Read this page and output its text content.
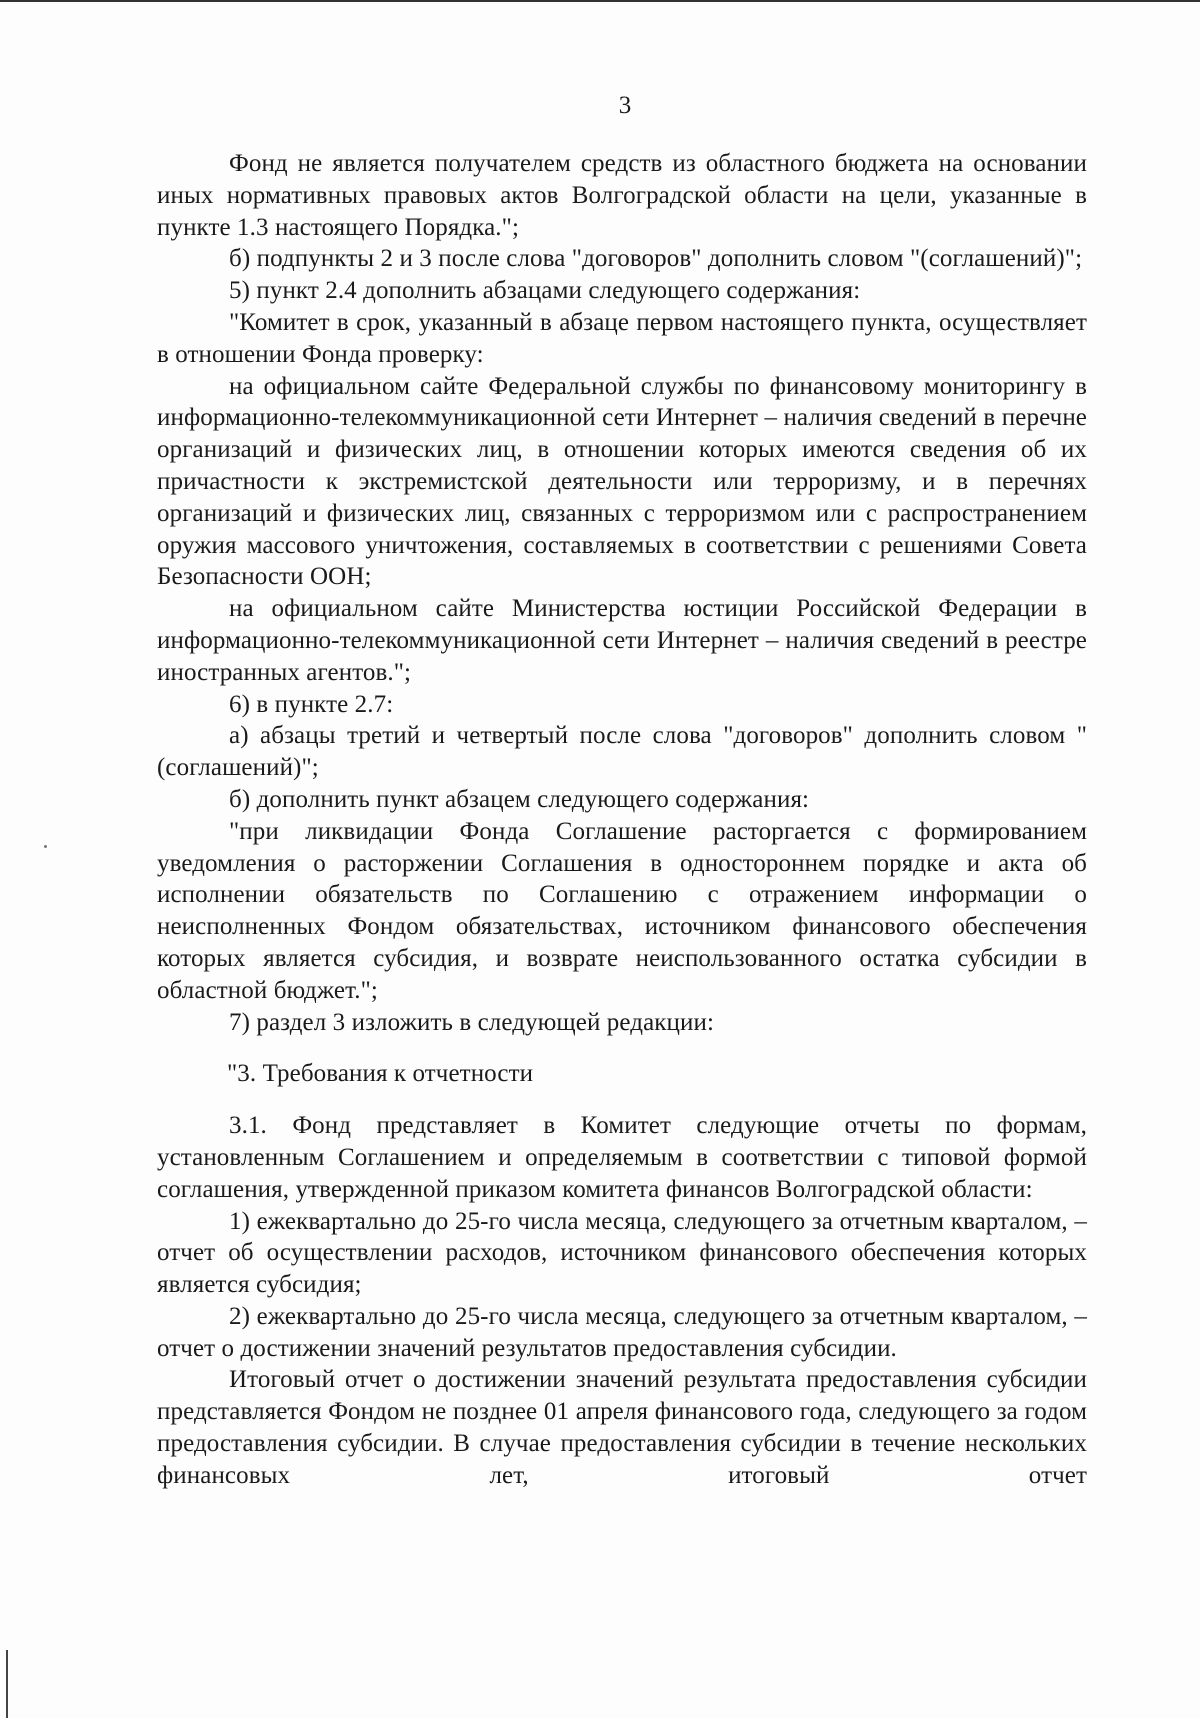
3

Фонд не является получателем средств из областного бюджета на основании иных нормативных правовых актов Волгоградской области на цели, указанные в пункте 1.3 настоящего Порядка.";

б) подпункты 2 и 3 после слова "договоров" дополнить словом "(соглашений)";

5) пункт 2.4 дополнить абзацами следующего содержания:

"Комитет в срок, указанный в абзаце первом настоящего пункта, осуществляет в отношении Фонда проверку:

на официальном сайте Федеральной службы по финансовому мониторингу в информационно-телекоммуникационной сети Интернет – наличия сведений в перечне организаций и физических лиц, в отношении которых имеются сведения об их причастности к экстремистской деятельности или терроризму, и в перечнях организаций и физических лиц, связанных с терроризмом или с распространением оружия массового уничтожения, составляемых в соответствии с решениями Совета Безопасности ООН;

на официальном сайте Министерства юстиции Российской Федерации в информационно-телекоммуникационной сети Интернет – наличия сведений в реестре иностранных агентов.";

6) в пункте 2.7:

а) абзацы третий и четвертый после слова "договоров" дополнить словом "(соглашений)";

б) дополнить пункт абзацем следующего содержания:

"при ликвидации Фонда Соглашение расторгается с формированием уведомления о расторжении Соглашения в одностороннем порядке и акта об исполнении обязательств по Соглашению с отражением информации о неисполненных Фондом обязательствах, источником финансового обеспечения которых является субсидия, и возврате неиспользованного остатка субсидии в областной бюджет.";

7) раздел 3 изложить в следующей редакции:

"3. Требования к отчетности

3.1. Фонд представляет в Комитет следующие отчеты по формам, установленным Соглашением и определяемым в соответствии с типовой формой соглашения, утвержденной приказом комитета финансов Волгоградской области:

1) ежеквартально до 25-го числа месяца, следующего за отчетным кварталом, – отчет об осуществлении расходов, источником финансового обеспечения которых является субсидия;

2) ежеквартально до 25-го числа месяца, следующего за отчетным кварталом, – отчет о достижении значений результатов предоставления субсидии.

Итоговый отчет о достижении значений результата предоставления субсидии представляется Фондом не позднее 01 апреля финансового года, следующего за годом предоставления субсидии. В случае предоставления субсидии в течение нескольких финансовых лет, итоговый отчет
